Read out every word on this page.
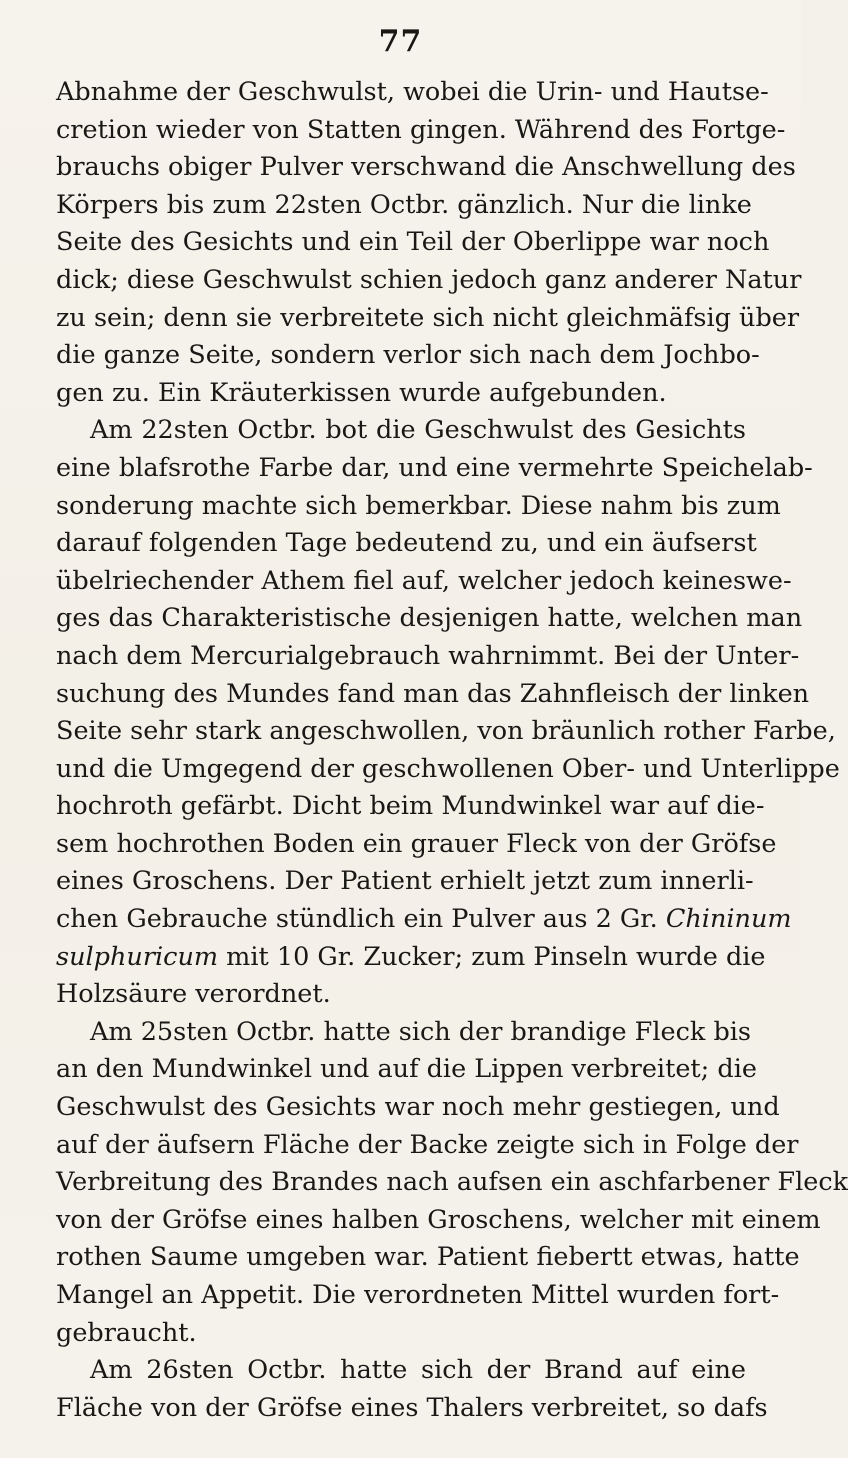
77
Abnahme der Geschwulst, wobei die Urin- und Hautse-
cretion wieder von Statten gingen. Während des Fortge-
brauchs obiger Pulver verschwand die Anschwellung des
Körpers bis zum 22sten Octbr. gänzlich. Nur die linke
Seite des Gesichts und ein Teil der Oberlippe war noch
dick; diese Geschwulst schien jedoch ganz anderer Natur
zu sein; denn sie verbreitete sich nicht gleichmäfsig über
die ganze Seite, sondern verlor sich nach dem Jochbo-
gen zu. Ein Kräuterkissen wurde aufgebunden.
Am 22sten Octbr. bot die Geschwulst des Gesichts
eine blafsrothe Farbe dar, und eine vermehrte Speichelab-
sonderung machte sich bemerkbar. Diese nahm bis zum
darauf folgenden Tage bedeutend zu, und ein äufserst
übelriechender Athem fiel auf, welcher jedoch keineswe-
ges das Charakteristische desjenigen hatte, welchen man
nach dem Mercurialgebrauch wahrnimmt. Bei der Unter-
suchung des Mundes fand man das Zahnfleisch der linken
Seite sehr stark angeschwollen, von bräunlich rother Farbe,
und die Umgegend der geschwollenen Ober- und Unterlippe
hochroth gefärbt. Dicht beim Mundwinkel war auf die-
sem hochrothen Boden ein grauer Fleck von der Gröfse
eines Groschens. Der Patient erhielt jetzt zum innerli-
chen Gebrauche stündlich ein Pulver aus 2 Gr. Chininum
sulphuricum mit 10 Gr. Zucker; zum Pinseln wurde die
Holzsäure verordnet.
Am 25sten Octbr. hatte sich der brandige Fleck bis
an den Mundwinkel und auf die Lippen verbreitet; die
Geschwulst des Gesichts war noch mehr gestiegen, und
auf der äufsern Fläche der Backe zeigte sich in Folge der
Verbreitung des Brandes nach aufsen ein aschfarbener Fleck
von der Gröfse eines halben Groschens, welcher mit einem
rothen Saume umgeben war. Patient fiebertt etwas, hatte
Mangel an Appetit. Die verordneten Mittel wurden fort-
gebraucht.
Am 26sten Octbr. hatte sich der Brand auf eine
Fläche von der Gröfse eines Thalers verbreitet, so dafs
